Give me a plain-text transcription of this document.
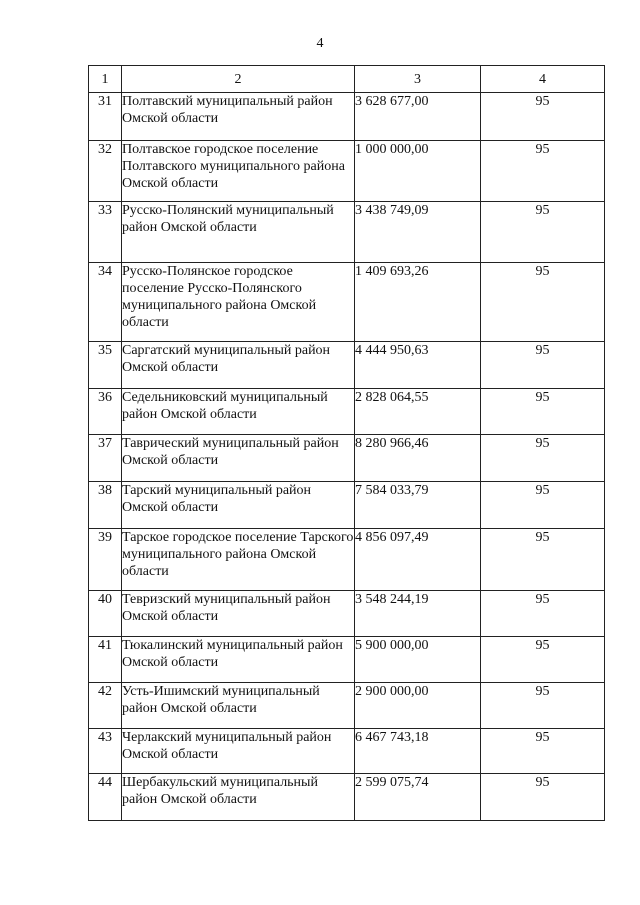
4
1	2	3	4
31	Полтавский муниципальный район Омской области	3 628 677,00	95
32	Полтавское городское поселение Полтавского муниципального района Омской области	1 000 000,00	95
33	Русско-Полянский муниципальный район Омской области	3 438 749,09	95
34	Русско-Полянское городское поселение Русско-Полянского муниципального района Омской области	1 409 693,26	95
35	Саргатский муниципальный район Омской области	4 444 950,63	95
36	Седельниковский муниципальный район Омской области	2 828 064,55	95
37	Таврический муниципальный район Омской области	8 280 966,46	95
38	Тарский муниципальный район Омской области	7 584 033,79	95
39	Тарское городское поселение Тарского муниципального района Омской области	4 856 097,49	95
40	Тевризский муниципальный район Омской области	3 548 244,19	95
41	Тюкалинский муниципальный район Омской области	5 900 000,00	95
42	Усть-Ишимский муниципальный район Омской области	2 900 000,00	95
43	Черлакский муниципальный район Омской области	6 467 743,18	95
44	Шербакульский муниципальный район Омской области	2 599 075,74	95
